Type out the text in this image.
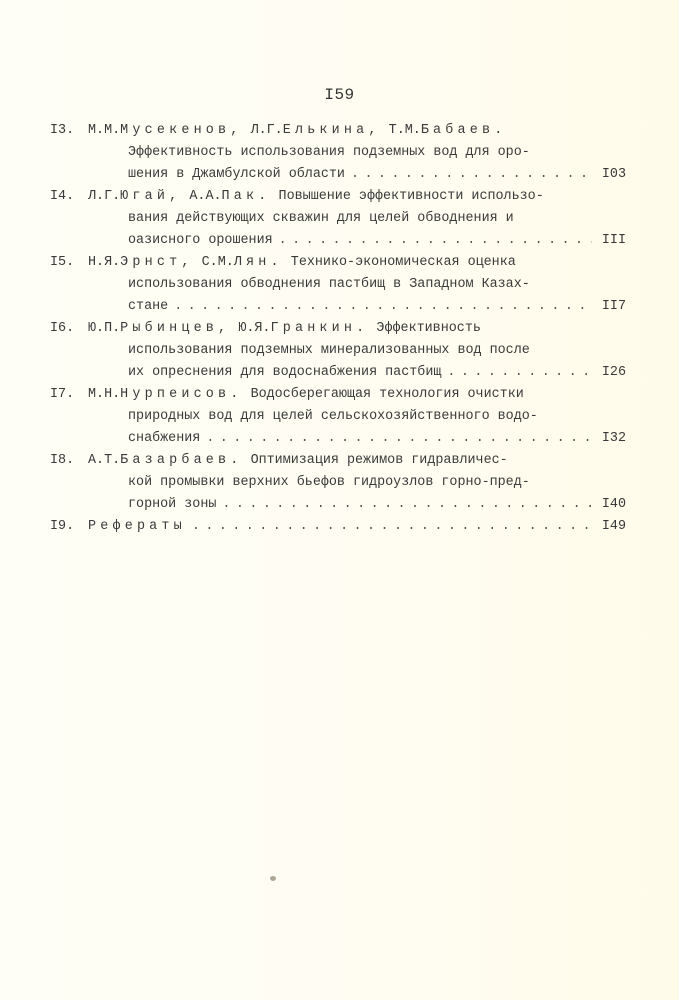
I59
I3.	М.М.Мусекенов,
Л.Г.Елькина,
Т.М.Бабаев.
Эффективность использования подземных вод для оро-
шения в Джамбулской области . . .	I03
I4.	Л.Г.Югай,
А.А.Пак.
Повышение эффективности использо-
вания действующих скважин для целей обводнения и
оазисного орошения . . .	III
I5.	Н.Я.Эрнст,
С.М.Лян.
Технико-экономическая оценка
использования обводнения пастбищ в Западном Казах-
стане . . .	II7
I6.	Ю.П.Рыбинцев,
Ю.Я.Гранкин.
Эффективность
использования подземных минерализованных вод после
их опреснения для водоснабжения пастбищ . . .	I26
I7.	М.Н.Нурпеисов.
Водосберегающая технология очистки
природных вод для целей сельскохозяйственного водо-
снабжения . . .	I32
I8.	А.Т.Базарбаев.
Оптимизация режимов гидравличес-
кой промывки верхних бьефов гидроузлов горно-пред-
горной зоны . . .	I40
I9.	Рефераты . . .	I49
